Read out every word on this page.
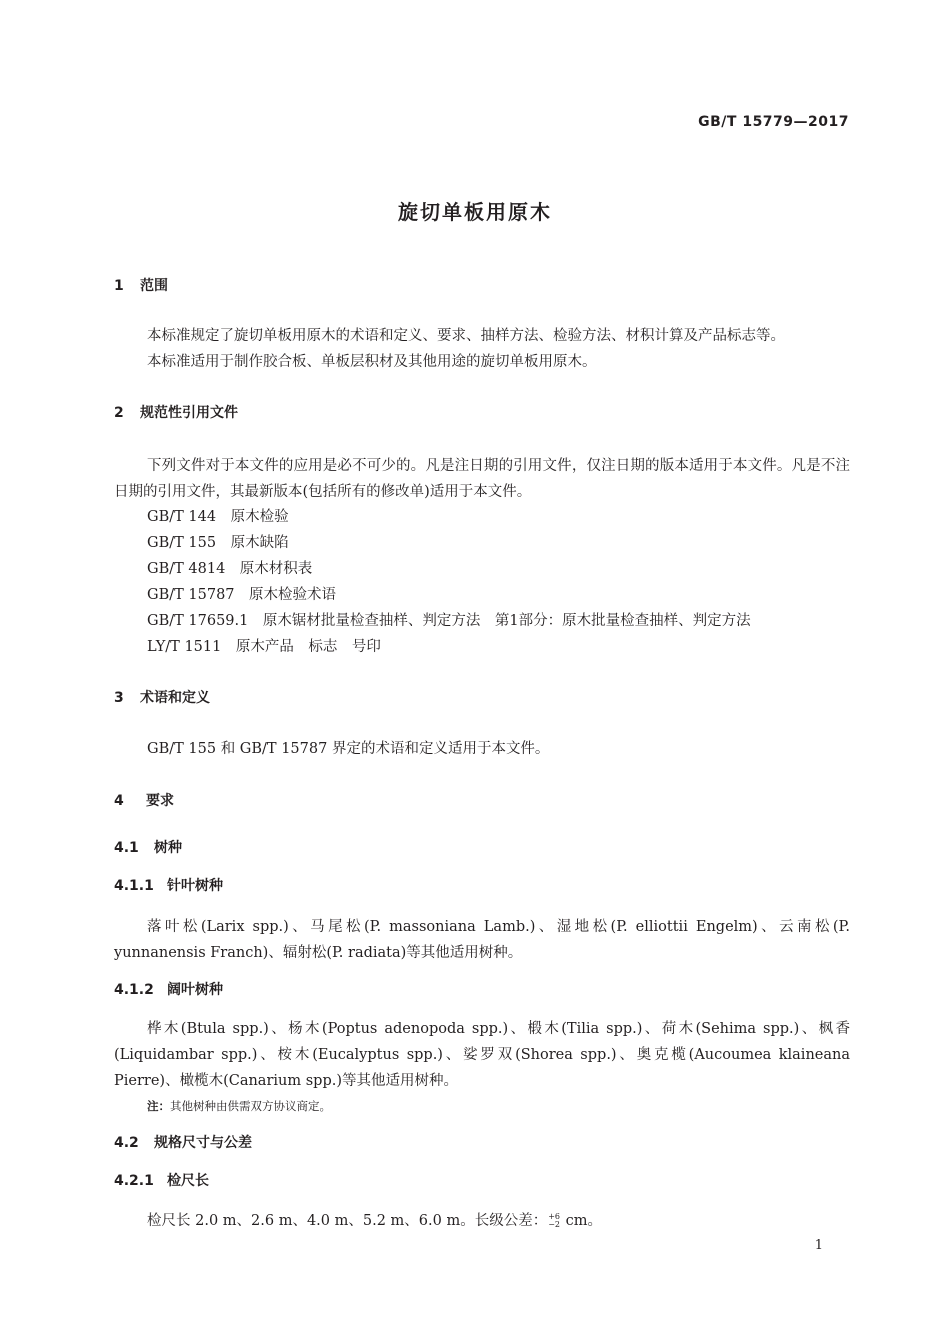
GB/T 15779—2017
旋切单板用原木
1 范围
本标准规定了旋切单板用原木的术语和定义、要求、抽样方法、检验方法、材积计算及产品标志等。
本标准适用于制作胶合板、单板层积材及其他用途的旋切单板用原木。
2 规范性引用文件
下列文件对于本文件的应用是必不可少的。凡是注日期的引用文件，仅注日期的版本适用于本文件。凡是不注日期的引用文件，其最新版本(包括所有的修改单)适用于本文件。
GB/T 144　原木检验
GB/T 155　原木缺陷
GB/T 4814　原木材积表
GB/T 15787　原木检验术语
GB/T 17659.1　原木锯材批量检查抽样、判定方法　第1部分：原木批量检查抽样、判定方法
LY/T 1511　原木产品　标志　号印
3 术语和定义
GB/T 155 和 GB/T 15787 界定的术语和定义适用于本文件。
4 要求
4.1 树种
4.1.1 针叶树种
落叶松(Larix spp.)、马尾松(P. massoniana Lamb.)、湿地松(P. elliottii Engelm)、云南松(P. yunnanensis Franch)、辐射松(P. radiata)等其他适用树种。
4.1.2 阔叶树种
桦木(Btula spp.)、杨木(Poptus adenopoda spp.)、椴木(Tilia spp.)、荷木(Sehima spp.)、枫香(Liquidambar spp.)、桉木(Eucalyptus spp.)、娑罗双(Shorea spp.)、奥克榄(Aucoumea klaineana Pierre)、橄榄木(Canarium spp.)等其他适用树种。
注：其他树种由供需双方协议商定。
4.2 规格尺寸与公差
4.2.1 检尺长
检尺长 2.0 m、2.6 m、4.0 m、5.2 m、6.0 m。长级公差：+6
−2 cm。
1
